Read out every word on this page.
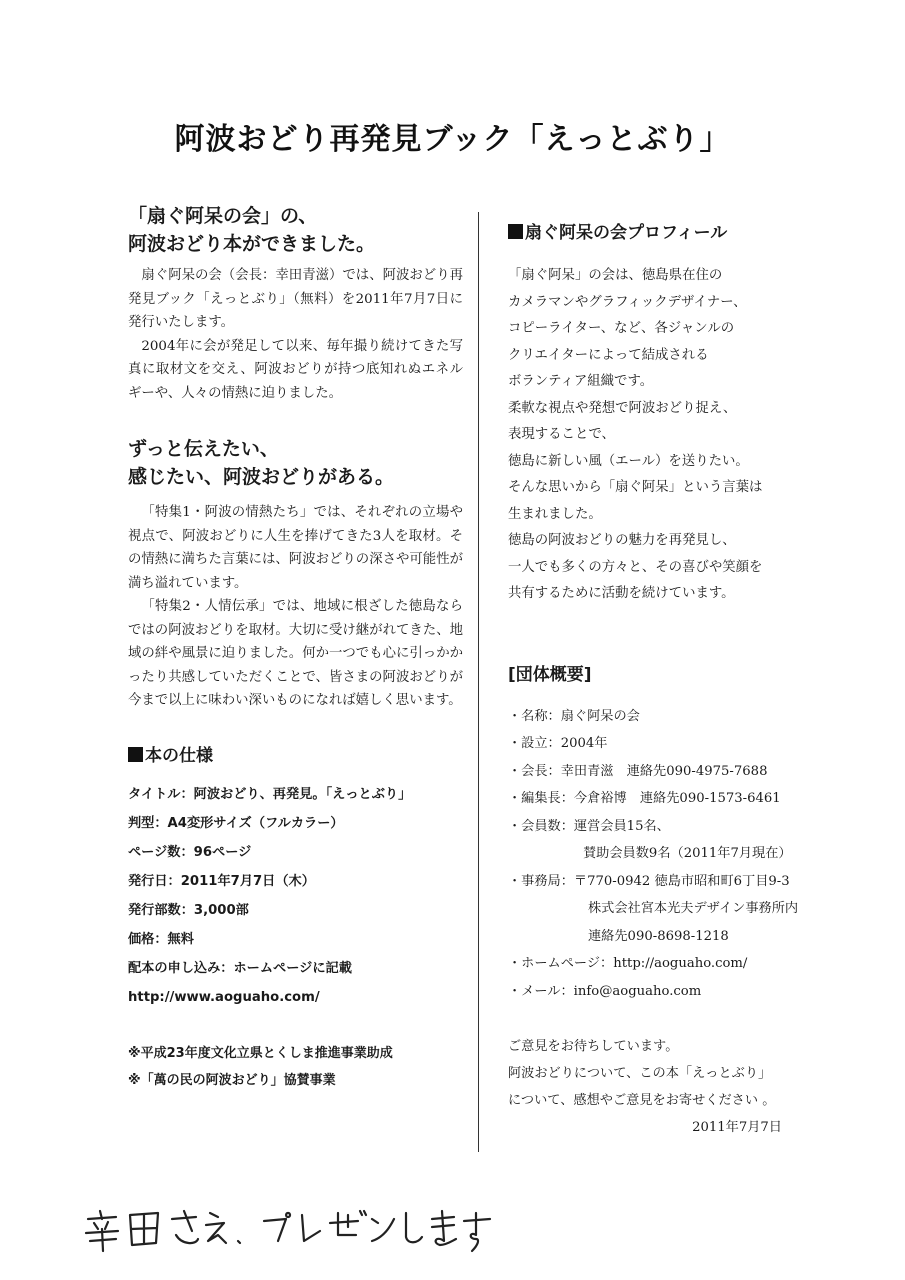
阿波おどり再発見ブック「えっとぶり」

「扇ぐ阿呆の会」の、

阿波おどり本ができました。

扇ぐ阿呆の会（会長：幸田青滋）では、阿波おどり再発見ブック「えっとぶり」（無料）を2011年7月7日に発行いたします。

2004年に会が発足して以来、毎年撮り続けてきた写真に取材文を交え、阿波おどりが持つ底知れぬエネルギーや、人々の情熱に迫りました。

ずっと伝えたい、

感じたい、阿波おどりがある。

「特集1・阿波の情熱たち」では、それぞれの立場や視点で、阿波おどりに人生を捧げてきた3人を取材。その情熱に満ちた言葉には、阿波おどりの深さや可能性が満ち溢れています。

「特集2・人情伝承」では、地域に根ざした徳島ならではの阿波おどりを取材。大切に受け継がれてきた、地域の絆や風景に迫りました。何か一つでも心に引っかかったり共感していただくことで、皆さまの阿波おどりが今まで以上に味わい深いものになれば嬉しく思います。

本の仕様

タイトル：阿波おどり、再発見。「えっとぶり」

判型：A4変形サイズ（フルカラー）

ページ数：96ページ

発行日：2011年7月7日（木）

発行部数：3,000部

価格：無料

配本の申し込み：ホームページに記載

http://www.aoguaho.com/

※平成23年度文化立県とくしま推進事業助成

※「萬の民の阿波おどり」協賛事業

扇ぐ阿呆の会プロフィール

「扇ぐ阿呆」の会は、徳島県在住の

カメラマンやグラフィックデザイナー、

コピーライター、など、各ジャンルの

クリエイターによって結成される

ボランティア組織です。

柔軟な視点や発想で阿波おどり捉え、

表現することで、

徳島に新しい風（エール）を送りたい。

そんな思いから「扇ぐ阿呆」という言葉は

生まれました。

徳島の阿波おどりの魅力を再発見し、

一人でも多くの方々と、その喜びや笑顔を

共有するために活動を続けています。

[団体概要]

・名称：扇ぐ阿呆の会
・設立：2004年
・会長：幸田青滋　連絡先090-4975-7688
・編集長：今倉裕博　連絡先090-1573-6461
・会員数：運営会員15名、
賛助会員数9名（2011年7月現在）
・事務局：〒770-0942 徳島市昭和町6丁目9-3
株式会社宮本光夫デザイン事務所内
連絡先090-8698-1218
・ホームページ：http://aoguaho.com/
・メール：info@aoguaho.com
ご意見をお待ちしています。
阿波おどりについて、この本「えっとぶり」
について、感想やご意見をお寄せください 。
2011年7月7日
